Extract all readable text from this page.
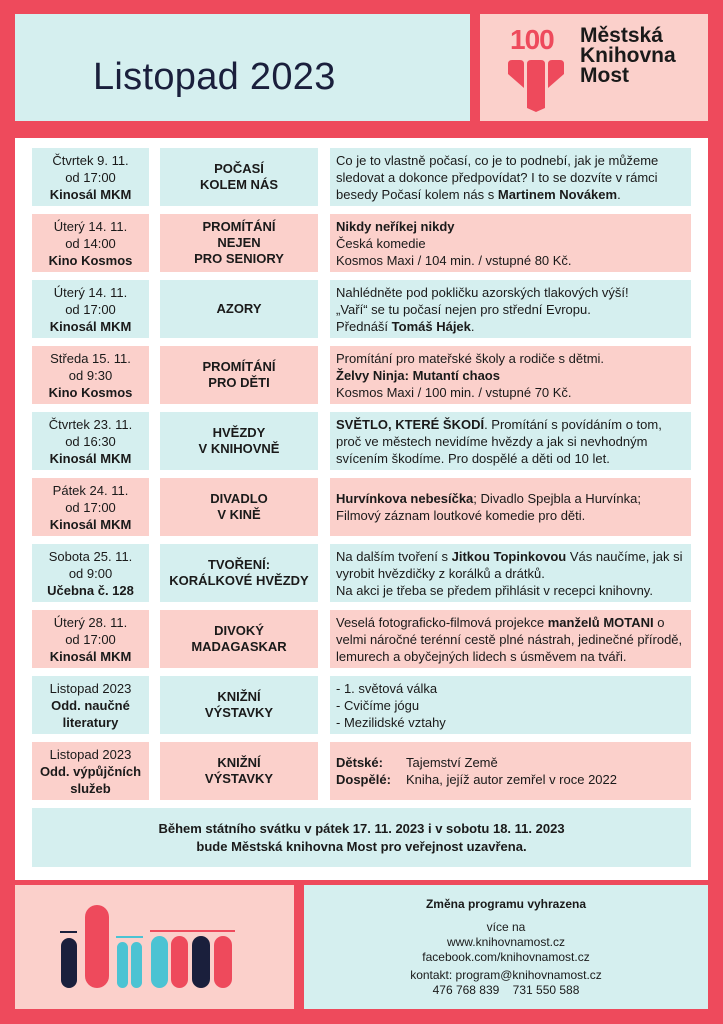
Listopad 2023
100 Městská
Knihovna
Most
Čtvrtek 9. 11.
od 17:00
Kinosál MKM
POČASÍ
KOLEM NÁS
Co je to vlastně počasí, co je to podnebí, jak je můžeme sledovat a dokonce předpovídat? I to se dozvíte v rámci besedy Počasí kolem nás s Martinem Novákem.
Úterý 14. 11.
od 14:00
Kino Kosmos
PROMÍTÁNÍ
NEJEN
PRO SENIORY
Nikdy neříkej nikdy
Česká komedie
Kosmos Maxi / 104 min. / vstupné 80 Kč.
Úterý 14. 11.
od 17:00
Kinosál MKM
AZORY
Nahlédněte pod pokličku azorských tlakových výší!
„Vaří“ se tu počasí nejen pro střední Evropu.
Přednáší Tomáš Hájek.
Středa 15. 11.
od 9:30
Kino Kosmos
PROMÍTÁNÍ
PRO DĚTI
Promítání pro mateřské školy a rodiče s dětmi.
Želvy Ninja: Mutantí chaos
Kosmos Maxi / 100 min. / vstupné 70 Kč.
Čtvrtek 23. 11.
od 16:30
Kinosál MKM
HVĚZDY
V KNIHOVNĚ
SVĚTLO, KTERÉ ŠKODÍ. Promítání s povídáním o tom, proč ve městech nevidíme hvězdy a jak si nevhodným svícením škodíme. Pro dospělé a děti od 10 let.
Pátek 24. 11.
od 17:00
Kinosál MKM
DIVADLO
V KINĚ
Hurvínkova nebesíčka; Divadlo Spejbla a Hurvínka; Filmový záznam loutkové komedie pro děti.
Sobota 25. 11.
od 9:00
Učebna č. 128
TVOŘENÍ:
KORÁLKOVÉ HVĚZDY
Na dalším tvoření s Jitkou Topinkovou Vás naučíme, jak si vyrobit hvězdičky z korálků a drátků.
Na akci je třeba se předem přihlásit v recepci knihovny.
Úterý 28. 11.
od 17:00
Kinosál MKM
DIVOKÝ
MADAGASKAR
Veselá fotograficko-filmová projekce manželů MOTANI o velmi náročné terénní cestě plné nástrah, jedinečné přírodě, lemurech a obyčejných lidech s úsměvem na tváři.
Listopad 2023
Odd. naučné
literatury
KNIŽNÍ
VÝSTAVKY
- 1. světová válka
- Cvičíme jógu
- Mezilidské vztahy
Listopad 2023
Odd. výpůjčních
služeb
KNIŽNÍ
VÝSTAVKY
Dětské: Tajemství Země
Dospělé: Kniha, jejíž autor zemřel v roce 2022
Během státního svátku v pátek 17. 11. 2023 i v sobotu 18. 11. 2023
bude Městská knihovna Most pro veřejnost uzavřena.
Změna programu vyhrazena
více na
www.knihovnamost.cz
facebook.com/knihovnamost.cz
kontakt: program@knihovnamost.cz
476 768 839    731 550 588
